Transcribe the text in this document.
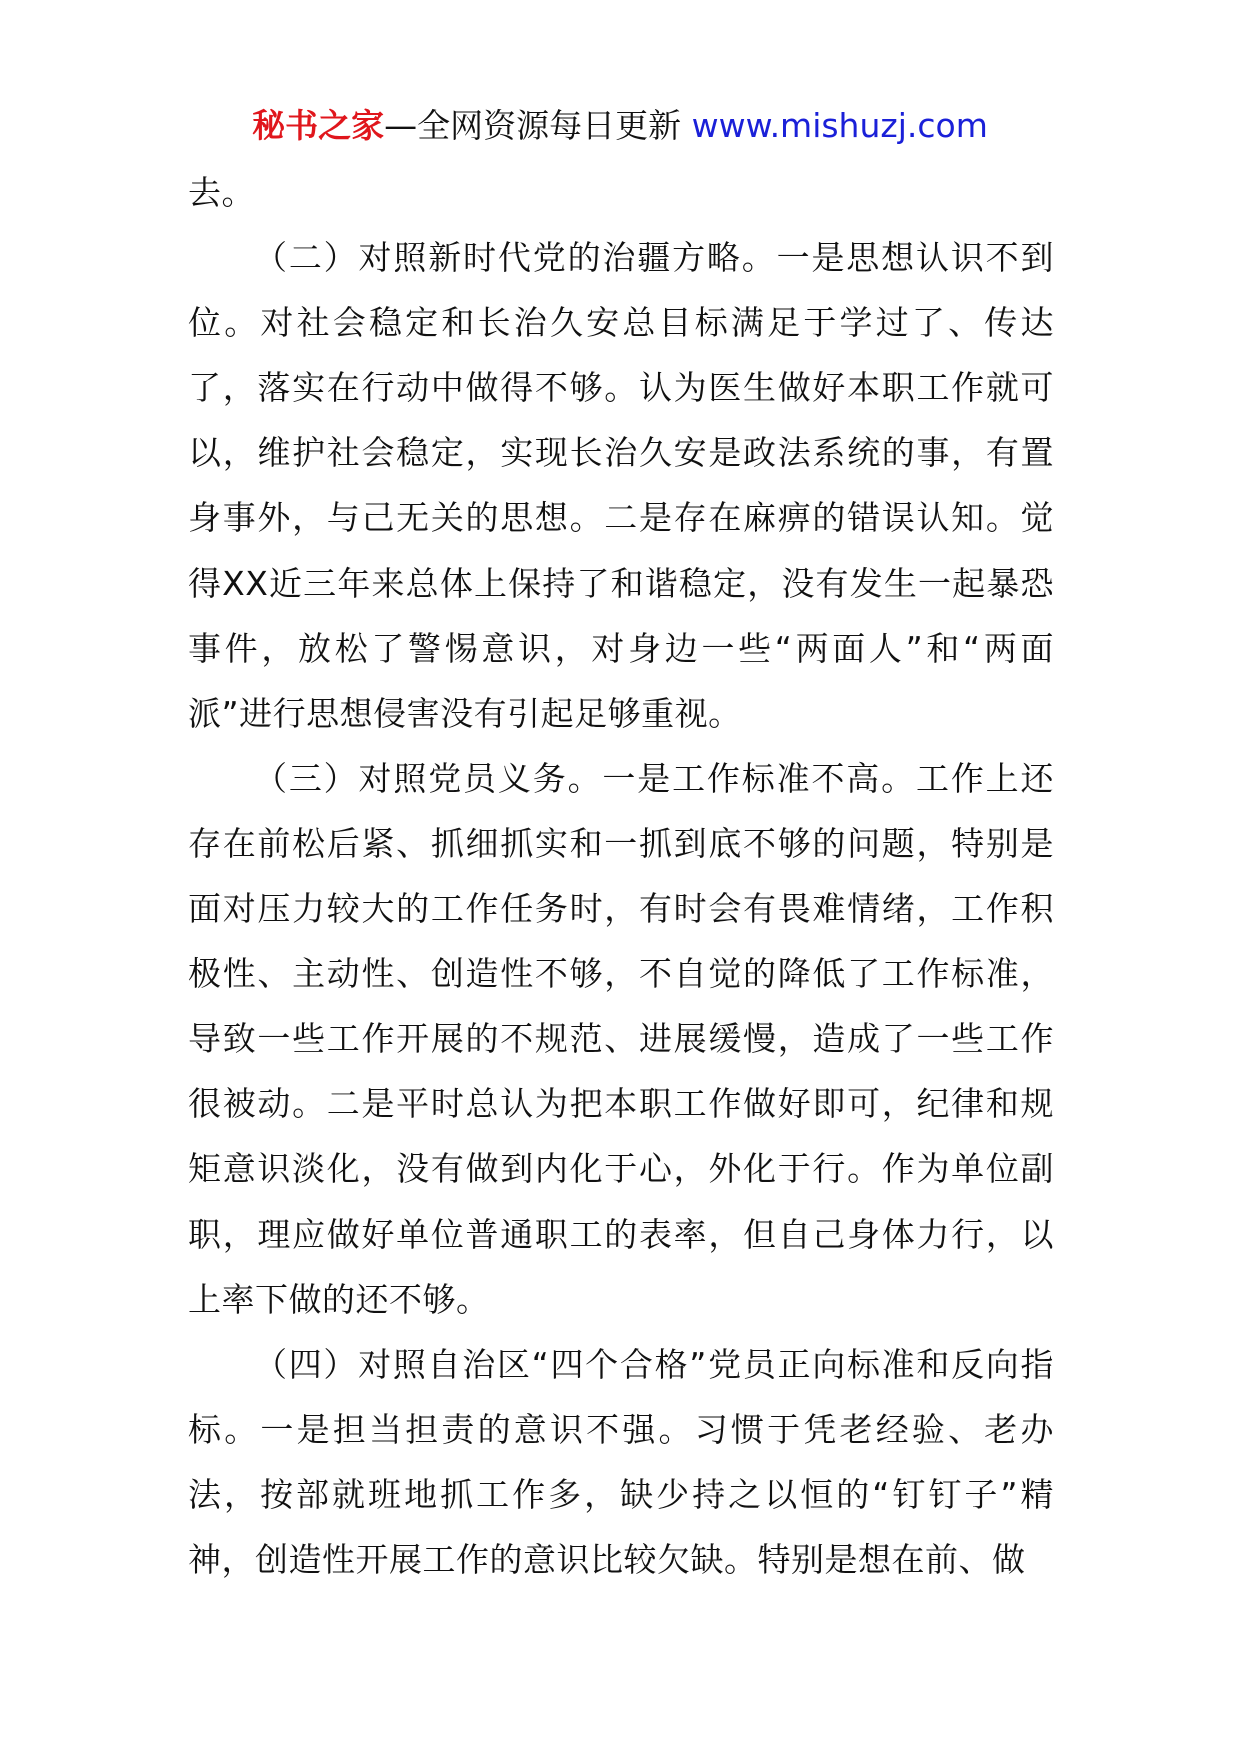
秘书之家—全网资源每日更新 www.mishuzj.com

去。

（二）对照新时代党的治疆方略。一是思想认识不到位。对社会稳定和长治久安总目标满足于学过了、传达了，落实在行动中做得不够。认为医生做好本职工作就可以，维护社会稳定，实现长治久安是政法系统的事，有置身事外，与己无关的思想。二是存在麻痹的错误认知。觉得XX近三年来总体上保持了和谐稳定，没有发生一起暴恐事件，放松了警惕意识，对身边一些“两面人”和“两面派”进行思想侵害没有引起足够重视。

（三）对照党员义务。一是工作标准不高。工作上还存在前松后紧、抓细抓实和一抓到底不够的问题，特别是面对压力较大的工作任务时，有时会有畏难情绪，工作积极性、主动性、创造性不够，不自觉的降低了工作标准，导致一些工作开展的不规范、进展缓慢，造成了一些工作很被动。二是平时总认为把本职工作做好即可，纪律和规矩意识淡化，没有做到内化于心，外化于行。作为单位副职，理应做好单位普通职工的表率，但自己身体力行，以上率下做的还不够。

（四）对照自治区“四个合格”党员正向标准和反向指标。一是担当担责的意识不强。习惯于凭老经验、老办法，按部就班地抓工作多，缺少持之以恒的“钉钉子”精神，创造性开展工作的意识比较欠缺。特别是想在前、做
